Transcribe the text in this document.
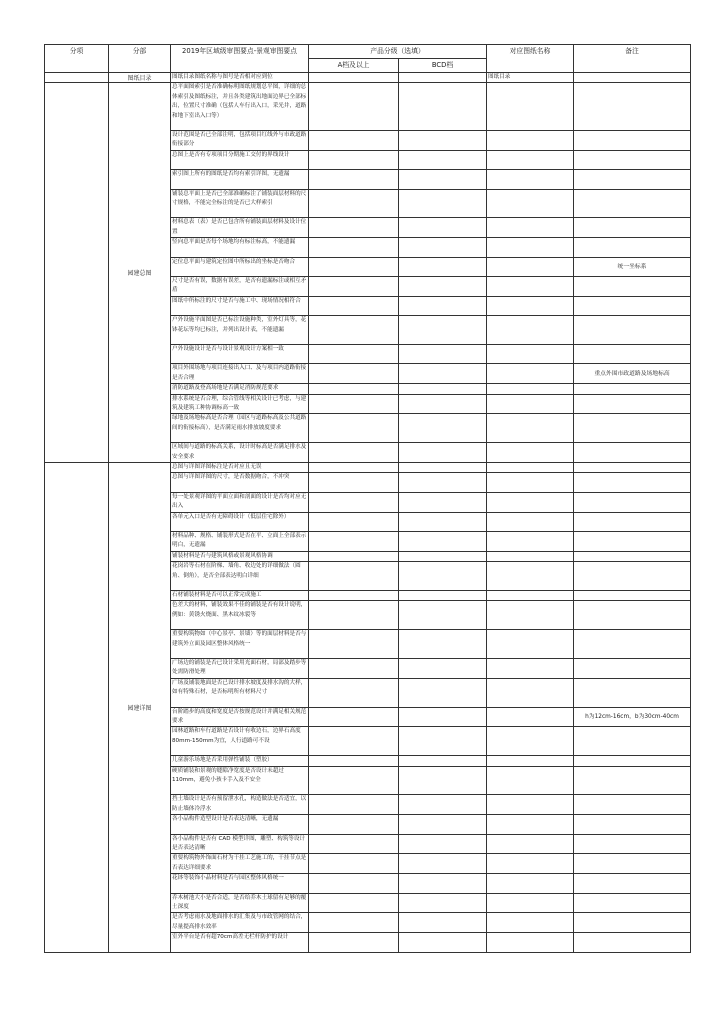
分项	分部	2019年区域级审图要点-景观审图要点	产品分级（选填）		对应图纸名称	备注
			A档及以上	BCD档		
	图纸目录	图纸目录图纸名称与图号是否相对应到位			图纸目录	
	园建总图	总平面图索引是否准确标明图纸规划总平图，详细的总体索引及图纸标注，并且各类建筑出地面边界已全部标出，位置尺寸准确（包括人车行出入口，采光井，道路和地下室出入口等）				
		设计范围是否已全部注明，包括项目红线外与市政道路衔接部分				
		总图上是否有专项项目分期施工交付的界线设计				
		索引图上所有的图纸是否均有索引详图，无遗漏				
		铺装总平面上是否已全部准确标注了铺装面层材料的尺寸规格，不能完全标注的是否已大样索引				
		材料总表（表）是否已包含所有铺装面层材料及设计位置				
		竖向总平面是否每个场地均有标注标高，不能遗漏				
		定位总平面与建筑定位图中所标出的坐标是否吻合				统一坐标系
		尺寸是否有误，数据有误差，是否有遗漏标注或相互矛盾				
		图纸中所标注的尺寸是否与施工中、现场情况相符合				
		户外设施平面图是否已标注设施种类，室外灯具等，花钵花坛等均已标注，并列出设计表，不能遗漏				
		户外设施设计是否与设计景观设计方案相一致				
		项目外围场地与项目连接出入口、及与项目内道路衔接是否合理				重点外围市政道路及场地标高
		消防道路及登高场地是否满足消防规范要求				
		排水系统是否合理，综合管线等相关设计已考虑，与建筑及建筑工种协调标高一致				
		绿地及场地标高是否合理（园区与道路标高及公共道路间的衔接标高），是否满足雨水排放坡度要求				
		区域间与道路的标高关系，设计时标高是否满足排水及安全要求				
	园建详图	总图与详图详图标注是否对应且无误				
		总图与详图详图的尺寸，是否数据吻合，不冲突				
		每一处景观详图的平面立面和剖面的设计是否均对应无出入				
		各单元入口是否有无障碍设计（低层住宅除外）				
		材料品种、规格、铺装形式是否在平、立面上全部表示明白，无遗漏				
		铺装材料是否与建筑风格或景观风格协调				
		花岗岩等石材在阶梯、墙角、收边处的详细做法（圆角、倒角），是否全部表达明白详细				
		石材铺装材料是否可以正常完成施工				
		色差大的材料，铺装效果不佳的铺装是否有设计说明，例如：黄锈火烧面、黑木纹冰裂等				
		重要构筑物如（中心景亭、景墙）等的面层材料是否与建筑外立面及园区整体风格统一				
		广场边的铺装是否已设计采用光面石材，局部及踏步等处需防滑处理				
		广场及铺装地面是否已设计排水坡度及排水沟的大样，如有特殊石材，是否标明所有材料尺寸				
		台阶踏步的高度和宽度是否按规范设计并满足相关规范要求				h为12cm-16cm，b为30cm-40cm
		园林道路和车行道路是否设计有收边石，边界石高度80mm-150mm为宜，人行道路可不设				
		儿童游乐场地是否采用弹性铺装（塑胶）				
		硬质铺装和景观的缝隙净宽度是否设计未超过110mm，避免小孩卡手入及不安全				
		挡土墙设计是否有预留泄水孔，构造做法是否适宜，以防止墙体冷浮水				
		各小品构件造型设计是否表达清晰，无遗漏				
		各小品构件是否有 CAD 模型详图，雕塑、构筑等设计是否表达清晰				
		重要构筑物外饰面石材为干挂工艺施工的，干挂节点是否表达详细要求				
		花钵等装饰小品材料是否与园区整体风格统一				
		乔木树池大小是否合适，是否给乔木土球留有足够的覆土深度				
		是否考虑雨水及地面排水的汇集及与市政管网的结合，尽量提高排水效率				
		室外平台是否有超70cm高差无栏杆防护的设计				
